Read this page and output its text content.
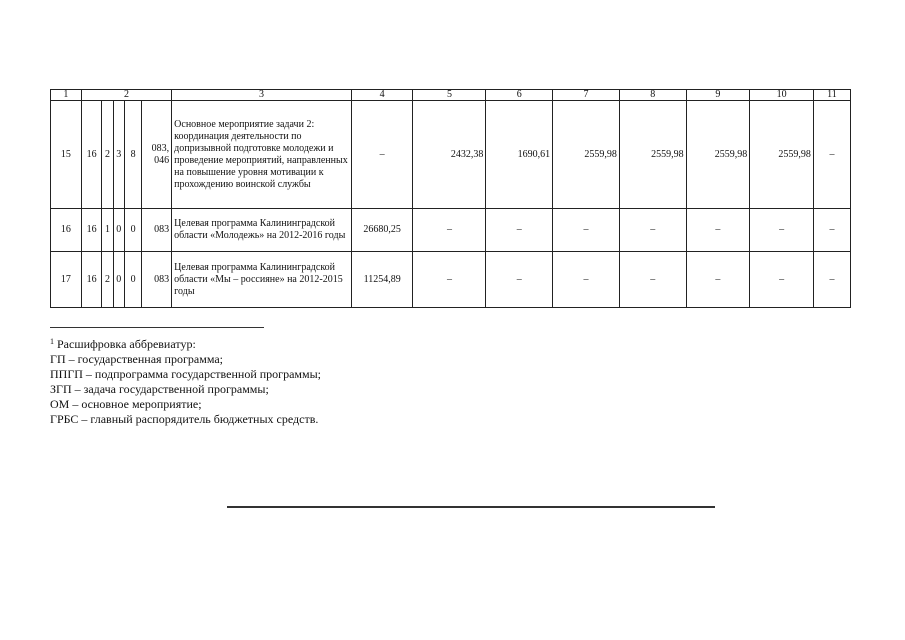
1	2					3	4	5	6	7	8	9	10	11
15	16	2	3	8	083, 046	Основное мероприятие задачи 2: координация деятельности по допризывной подготовке молодежи и проведение мероприятий, направленных на повышение уровня мотивации к прохождению воинской службы	–	2432,38	1690,61	2559,98	2559,98	2559,98	2559,98	–
16	16	1	0	0	083	Целевая программа Калининградской области «Молодежь» на 2012-2016 годы	26680,25	–	–	–	–	–	–	–
17	16	2	0	0	083	Целевая программа Калининградской области «Мы – россияне» на 2012-2015 годы	11254,89	–	–	–	–	–	–	–
$^1$ Расшифровка аббревиатур:
ГП – государственная программа;
ППГП – подпрограмма государственной программы;
ЗГП – задача государственной программы;
ОМ – основное мероприятие;
ГРБС – главный распорядитель бюджетных средств.
